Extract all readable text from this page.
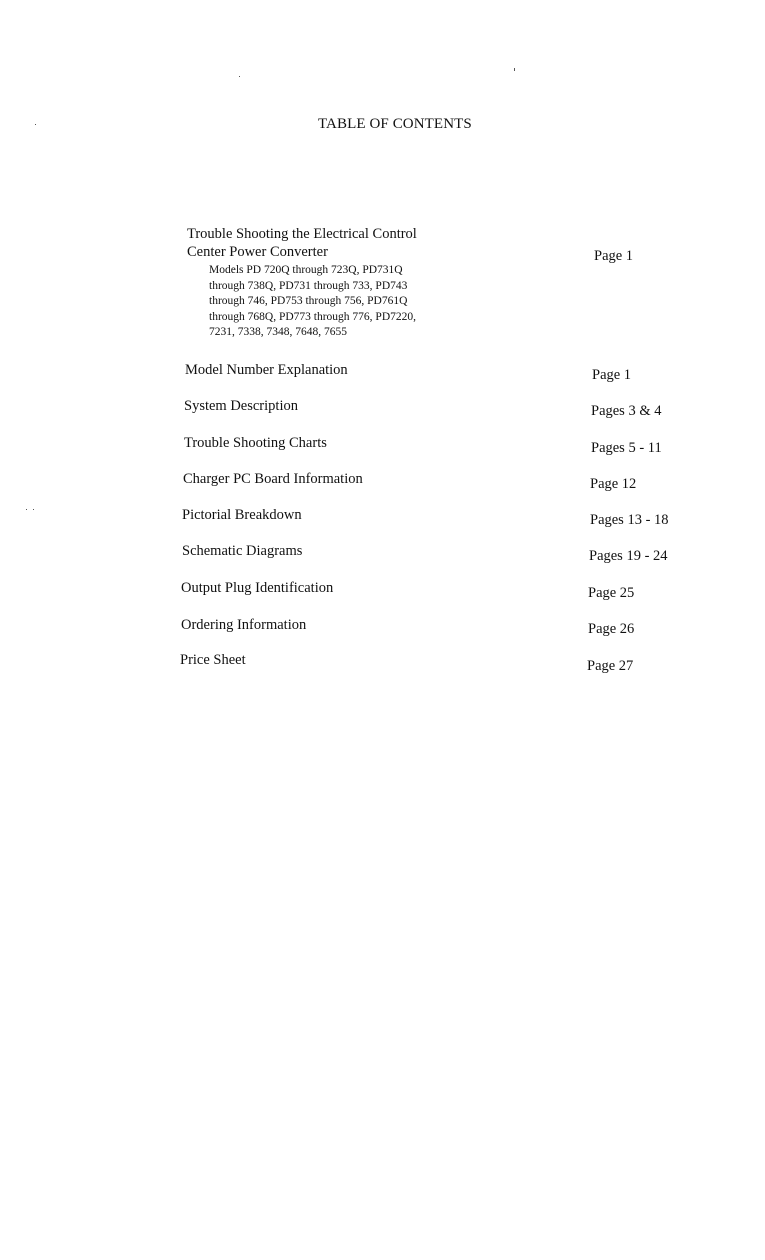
TABLE OF CONTENTS
Trouble Shooting the Electrical Control
Center Power Converter
Models PD 720Q through 723Q, PD731Q
through 738Q, PD731 through 733, PD743
through 746, PD753 through 756, PD761Q
through 768Q, PD773 through 776, PD7220,
7231, 7338, 7348, 7648, 7655
Page 1
Model Number Explanation	Page 1
System Description	Pages 3 & 4
Trouble Shooting Charts	Pages 5 - 11
Charger PC Board Information	Page 12
Pictorial Breakdown	Pages 13 - 18
Schematic Diagrams	Pages 19 - 24
Output Plug Identification	Page 25
Ordering Information	Page 26
Price Sheet	Page 27
